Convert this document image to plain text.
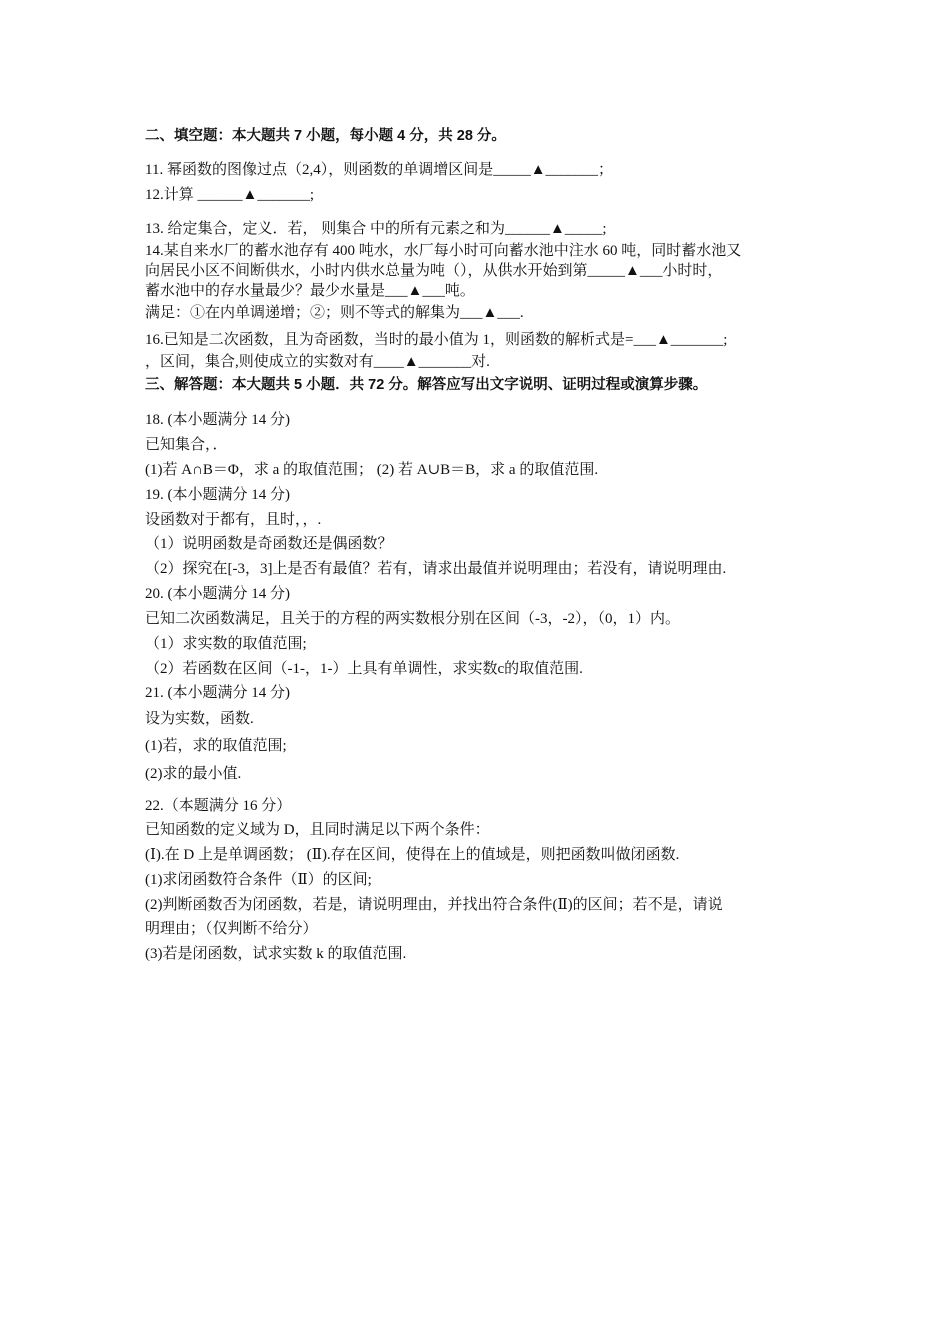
二、填空题：本大题共 7 小题，每小题 4 分，共 28 分。
11. 幂函数的图像过点（2,4），则函数的单调增区间是_____▲_______；
12.计算 ______▲_______;
13. 给定集合，定义．若， 则集合 中的所有元素之和为______▲_____;
14.某自来水厂的蓄水池存有 400 吨水，水厂每小时可向蓄水池中注水 60 吨，同时蓄水池又
向居民小区不间断供水，小时内供水总量为吨（），从供水开始到第_____▲___小时时，
蓄水池中的存水量最少？最少水量是___▲___吨。
满足：①在内单调递增；②；则不等式的解集为___▲___.
16.已知是二次函数，且为奇函数，当时的最小值为 1，则函数的解析式是=___▲_______;
，区间，集合,则使成立的实数对有____▲_______对.
三、解答题：本大题共 5 小题．共 72 分。解答应写出文字说明、证明过程或演算步骤。
18. (本小题满分 14 分)
已知集合，．
(1)若 A∩B＝Φ，求 a 的取值范围； (2) 若 A∪B＝B，求 a 的取值范围.
19. (本小题满分 14 分)
设函数对于都有，且时，，.
（1）说明函数是奇函数还是偶函数？
（2）探究在[-3，3]上是否有最值？若有，请求出最值并说明理由；若没有，请说明理由.
20. (本小题满分 14 分)
已知二次函数满足，且关于的方程的两实数根分别在区间（-3，-2），（0，1）内。
（1）求实数的取值范围;
（2）若函数在区间（-1-，1-）上具有单调性，求实数c的取值范围.
21. (本小题满分 14 分)
设为实数，函数.
(1)若，求的取值范围;
(2)求的最小值.
22.（本题满分 16 分）
已知函数的定义域为 D，且同时满足以下两个条件：
(Ⅰ).在 D 上是单调函数； (Ⅱ).存在区间，使得在上的值域是，则把函数叫做闭函数.
(1)求闭函数符合条件（Ⅱ）的区间;
(2)判断函数否为闭函数，若是，请说明理由，并找出符合条件(Ⅱ)的区间；若不是，请说
明理由；（仅判断不给分）
(3)若是闭函数，试求实数 k 的取值范围.
